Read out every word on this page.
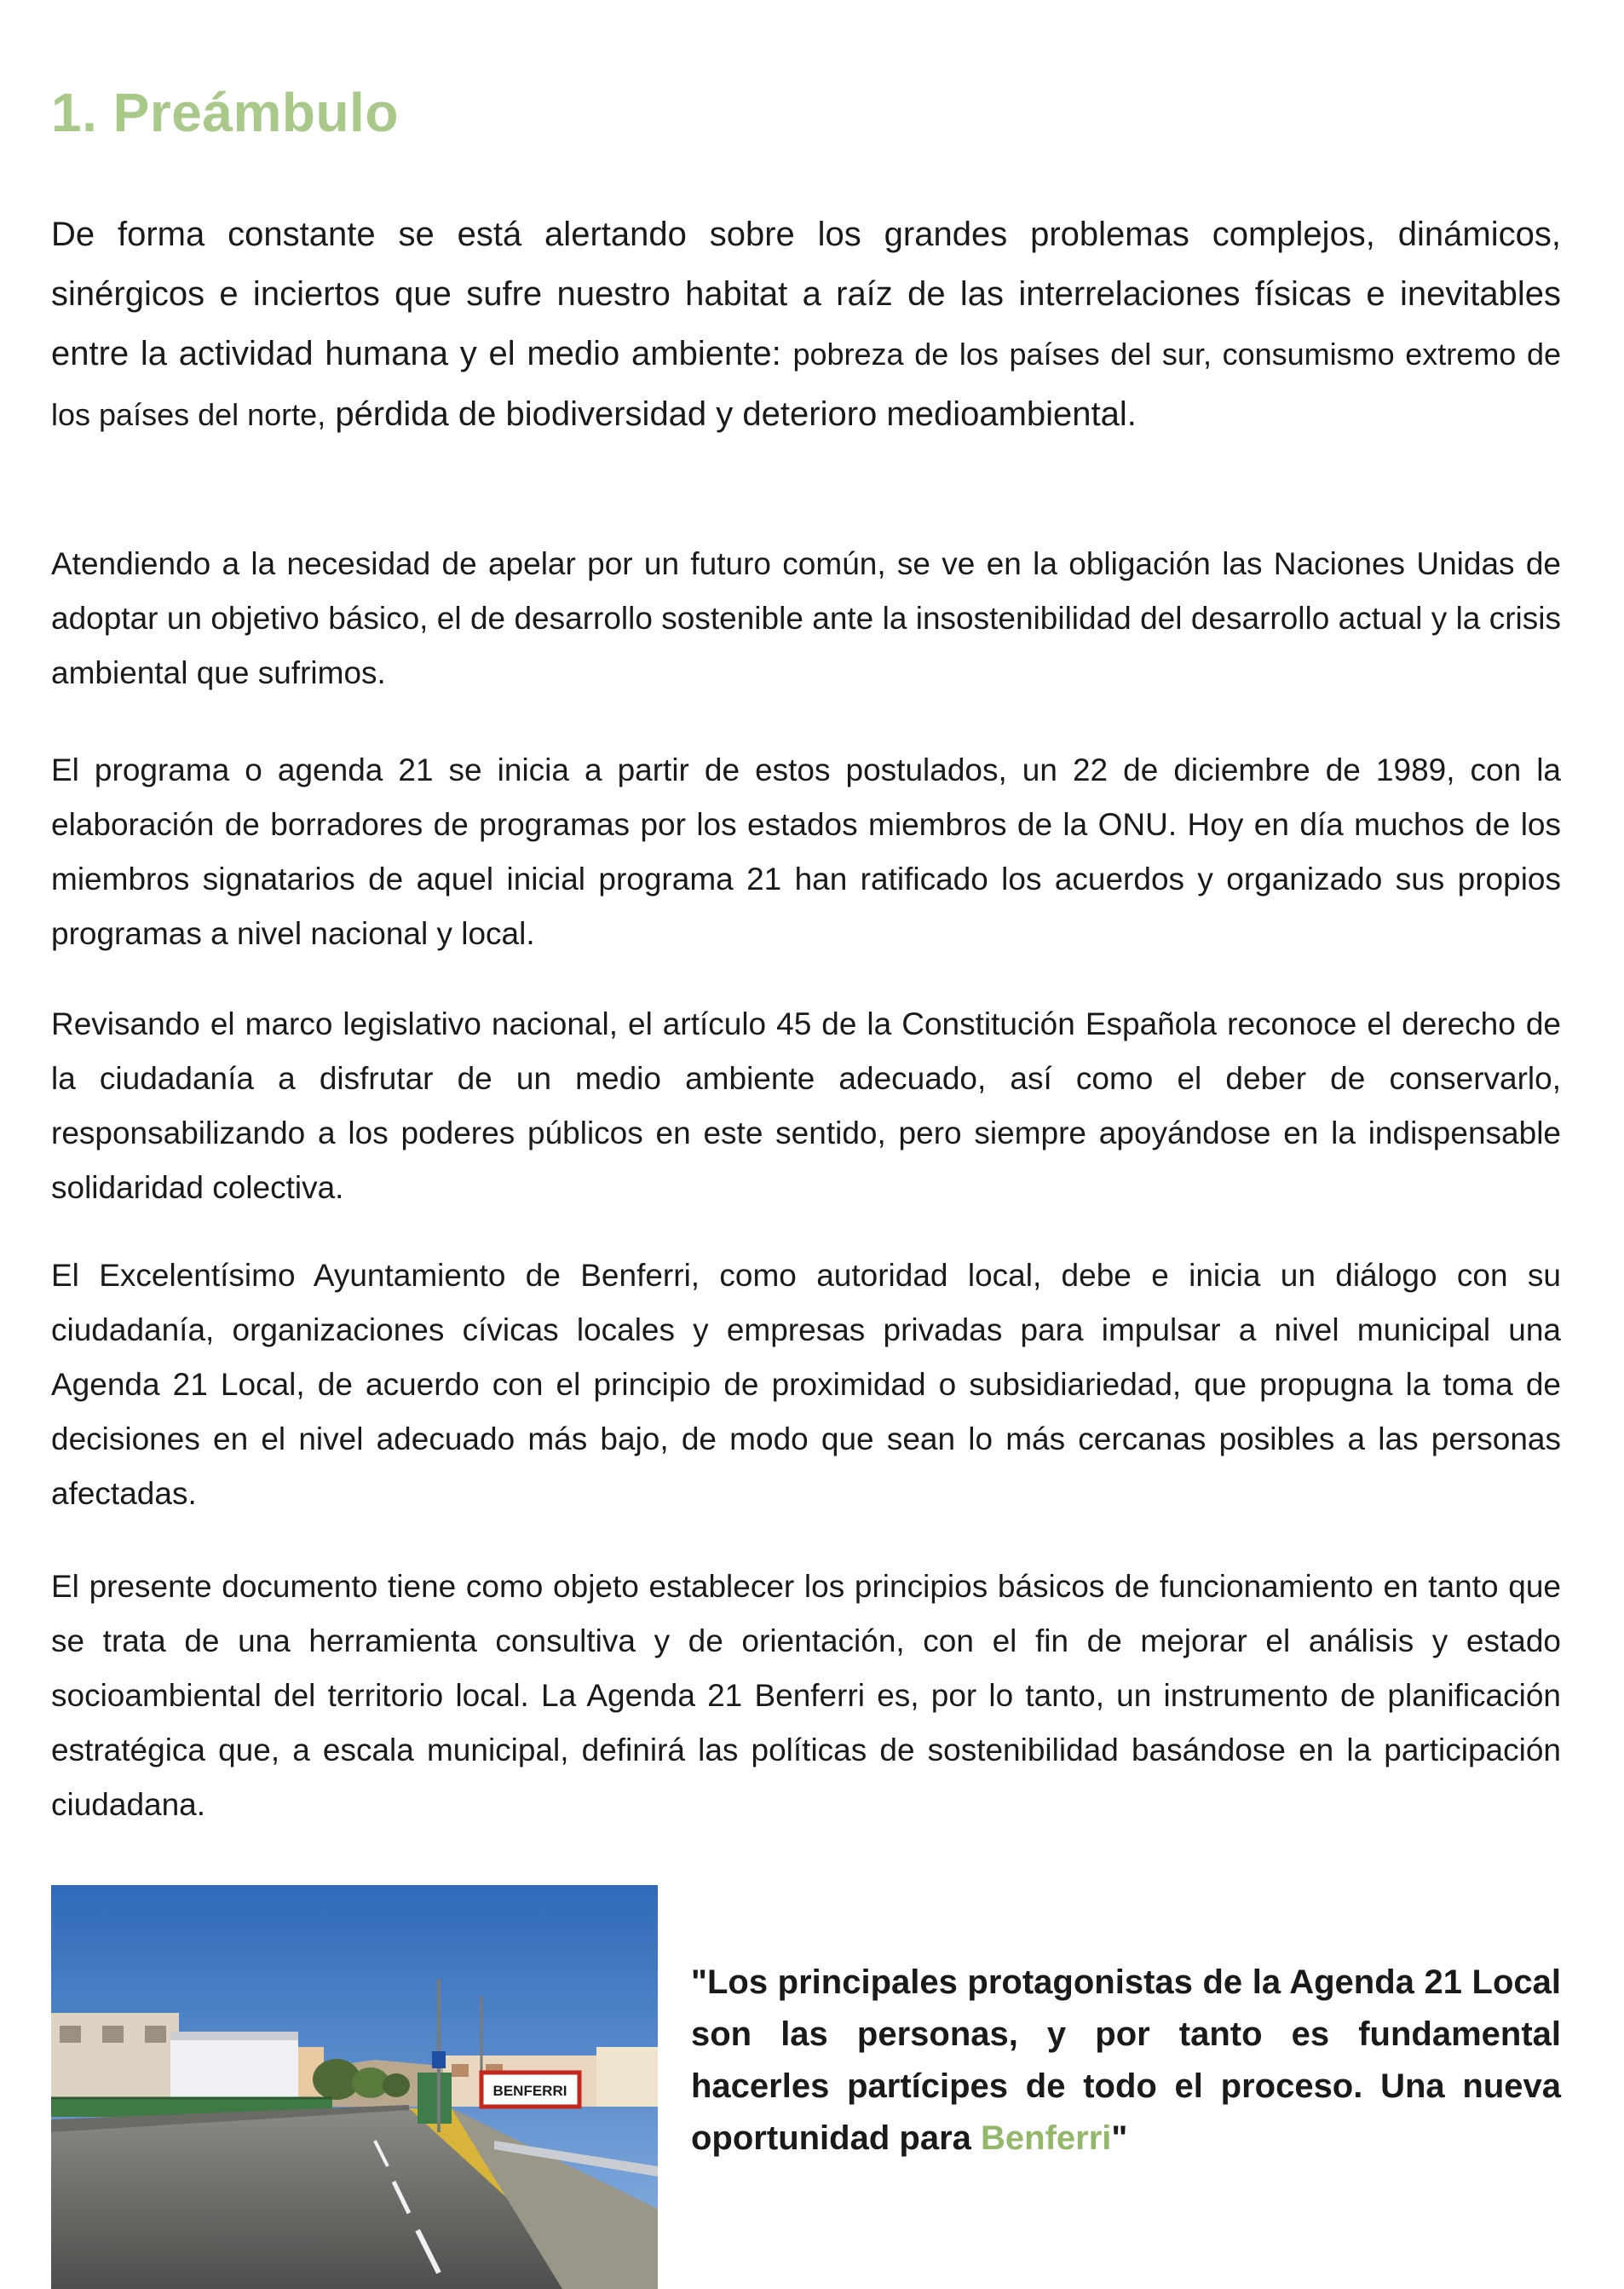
1. Preámbulo

De forma constante se está alertando sobre los grandes problemas complejos, dinámicos, sinérgicos e inciertos que sufre nuestro habitat a raíz de las interrelaciones físicas e inevitables entre la actividad humana y el medio ambiente: pobreza de los países del sur, consumismo extremo de los países del norte, pérdida de biodiversidad y deterioro medioambiental.

Atendiendo a la necesidad de apelar por un futuro común, se ve en la obligación las Naciones Unidas de adoptar un objetivo básico, el de desarrollo sostenible ante la insostenibilidad del desarrollo actual y la crisis ambiental que sufrimos.

El programa o agenda 21 se inicia a partir de estos postulados, un 22 de diciembre de 1989, con la elaboración de borradores de programas por los estados miembros de la ONU. Hoy en día muchos de los miembros signatarios de aquel inicial programa 21 han ratificado los acuerdos y organizado sus propios programas a nivel nacional y local.

Revisando el marco legislativo nacional, el artículo 45 de la Constitución Española reconoce el derecho de la ciudadanía a disfrutar de un medio ambiente adecuado, así como el deber de conservarlo, responsabilizando a los poderes públicos en este sentido, pero siempre apoyándose en la indispensable solidaridad colectiva.

El Excelentísimo Ayuntamiento de Benferri, como autoridad local, debe e inicia un diálogo con su ciudadanía, organizaciones cívicas locales y empresas privadas para impulsar a nivel municipal una Agenda 21 Local, de acuerdo con el principio de proximidad o subsidiariedad, que propugna la toma de decisiones en el nivel adecuado más bajo, de modo que sean lo más cercanas posibles a las personas afectadas.

El presente documento tiene como objeto establecer los principios básicos de funcionamiento en tanto que se trata de una herramienta consultiva y de orientación, con el fin de mejorar el análisis y estado socioambiental del territorio local. La Agenda 21 Benferri es, por lo tanto, un instrumento de planificación estratégica que, a escala municipal, definirá las políticas de sostenibilidad basándose en la participación ciudadana.

BENFERRI

"Los principales protagonistas de la Agenda 21 Local son las personas, y por tanto es fundamental hacerles partícipes de todo el proceso. Una nueva oportunidad para Benferri"
